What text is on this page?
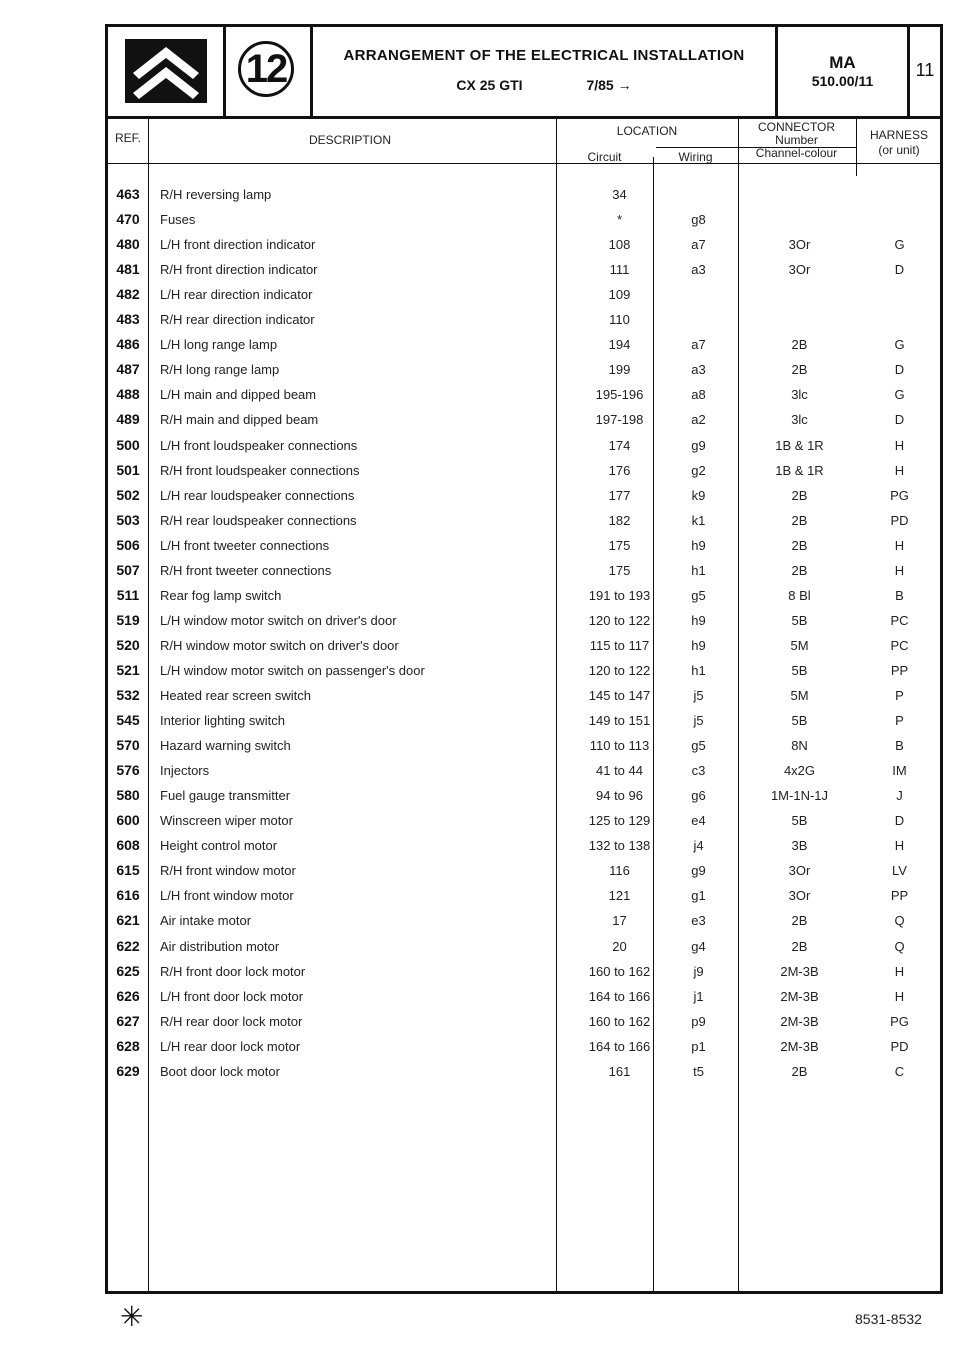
12	ARRANGEMENT OF THE ELECTRICAL INSTALLATION
CX 25 GTI	7/85 →
MA
510.00/11
11
REF.	DESCRIPTION
LOCATION
Circuit	Wiring
CONNECTOR
Number
Channel-colour
HARNESS
(or unit)
463	R/H reversing lamp	34
470	Fuses	*	g8
480	L/H front direction indicator	108	a7	3Or	G
481	R/H front direction indicator	111	a3	3Or	D
482	L/H rear direction indicator	109
483	R/H rear direction indicator	110
486	L/H long range lamp	194	a7	2B	G
487	R/H long range lamp	199	a3	2B	D
488	L/H main and dipped beam	195-196	a8	3lc	G
489	R/H main and dipped beam	197-198	a2	3lc	D
500	L/H front loudspeaker connections	174	g9	1B & 1R	H
501	R/H front loudspeaker connections	176	g2	1B & 1R	H
502	L/H rear loudspeaker connections	177	k9	2B	PG
503	R/H rear loudspeaker connections	182	k1	2B	PD
506	L/H front tweeter connections	175	h9	2B	H
507	R/H front tweeter connections	175	h1	2B	H
511	Rear fog lamp switch	191 to 193	g5	8 Bl	B
519	L/H window motor switch on driver's door	120 to 122	h9	5B	PC
520	R/H window motor switch on driver's door	115 to 117	h9	5M	PC
521	L/H window motor switch on passenger's door	120 to 122	h1	5B	PP
532	Heated rear screen switch	145 to 147	j5	5M	P
545	Interior lighting switch	149 to 151	j5	5B	P
570	Hazard warning switch	110 to 113	g5	8N	B
576	Injectors	41 to 44	c3	4x2G	IM
580	Fuel gauge transmitter	94 to 96	g6	1M-1N-1J	J
600	Winscreen wiper motor	125 to 129	e4	5B	D
608	Height control motor	132 to 138	j4	3B	H
615	R/H front window motor	116	g9	3Or	LV
616	L/H front window motor	121	g1	3Or	PP
621	Air intake motor	17	e3	2B	Q
622	Air distribution motor	20	g4	2B	Q
625	R/H front door lock motor	160 to 162	j9	2M-3B	H
626	L/H front door lock motor	164 to 166	j1	2M-3B	H
627	R/H rear door lock motor	160 to 162	p9	2M-3B	PG
628	L/H rear door lock motor	164 to 166	p1	2M-3B	PD
629	Boot door lock motor	161	t5	2B	C
✳	8531-8532
